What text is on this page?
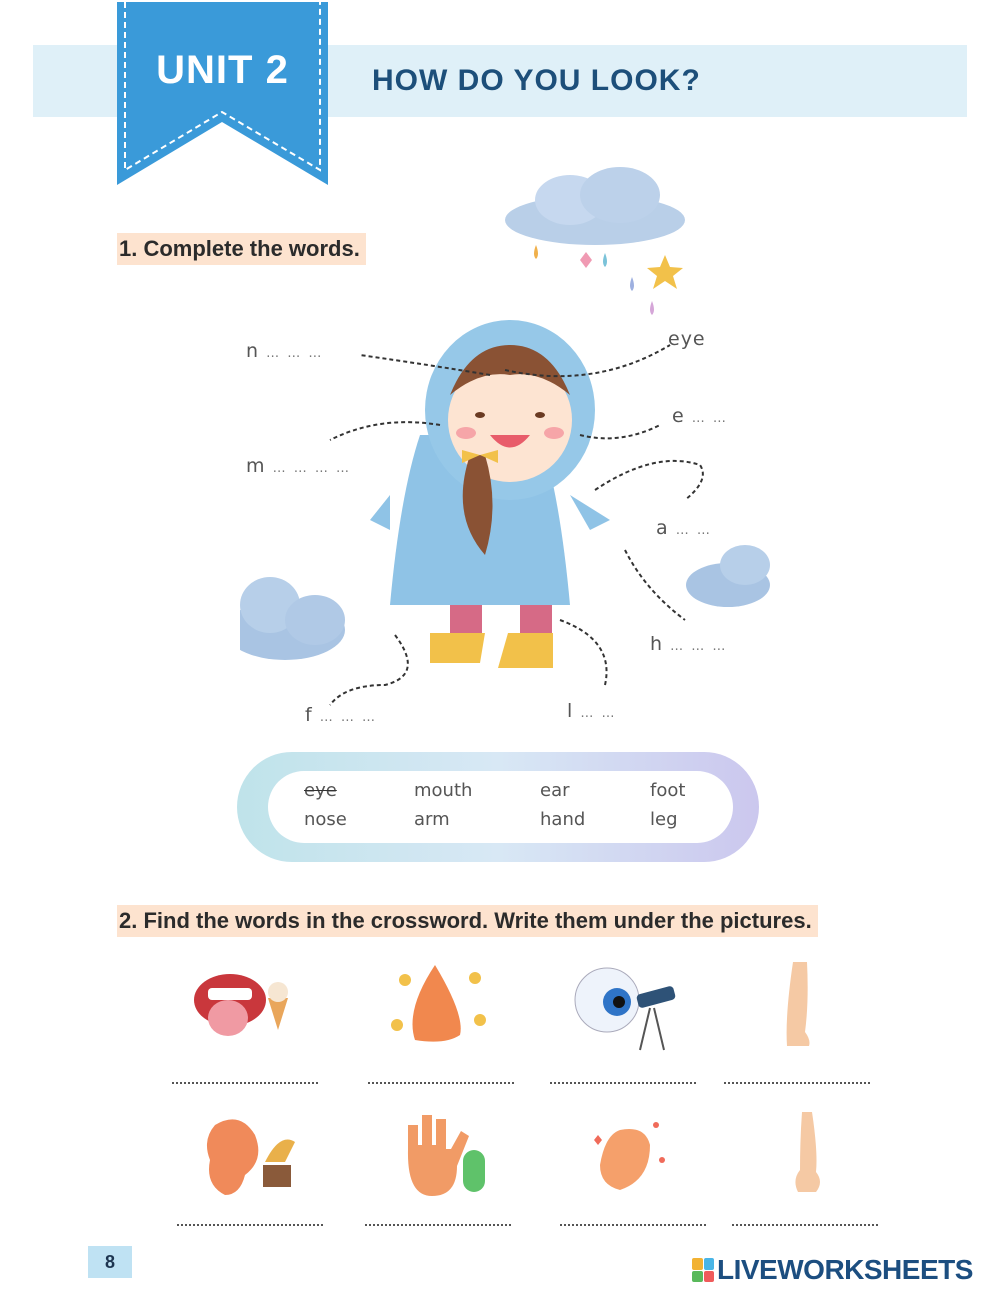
UNIT 2	HOW DO YOU LOOK?
1. Complete the words.
n … … …
eye
e … …
m … … … …
a … …
h … … …
f … … …	l … …
eye	mouth	ear	foot
nose	arm	hand	leg
2. Find the words in the crossword. Write them under the pictures.
8	LIVEWORKSHEETS
